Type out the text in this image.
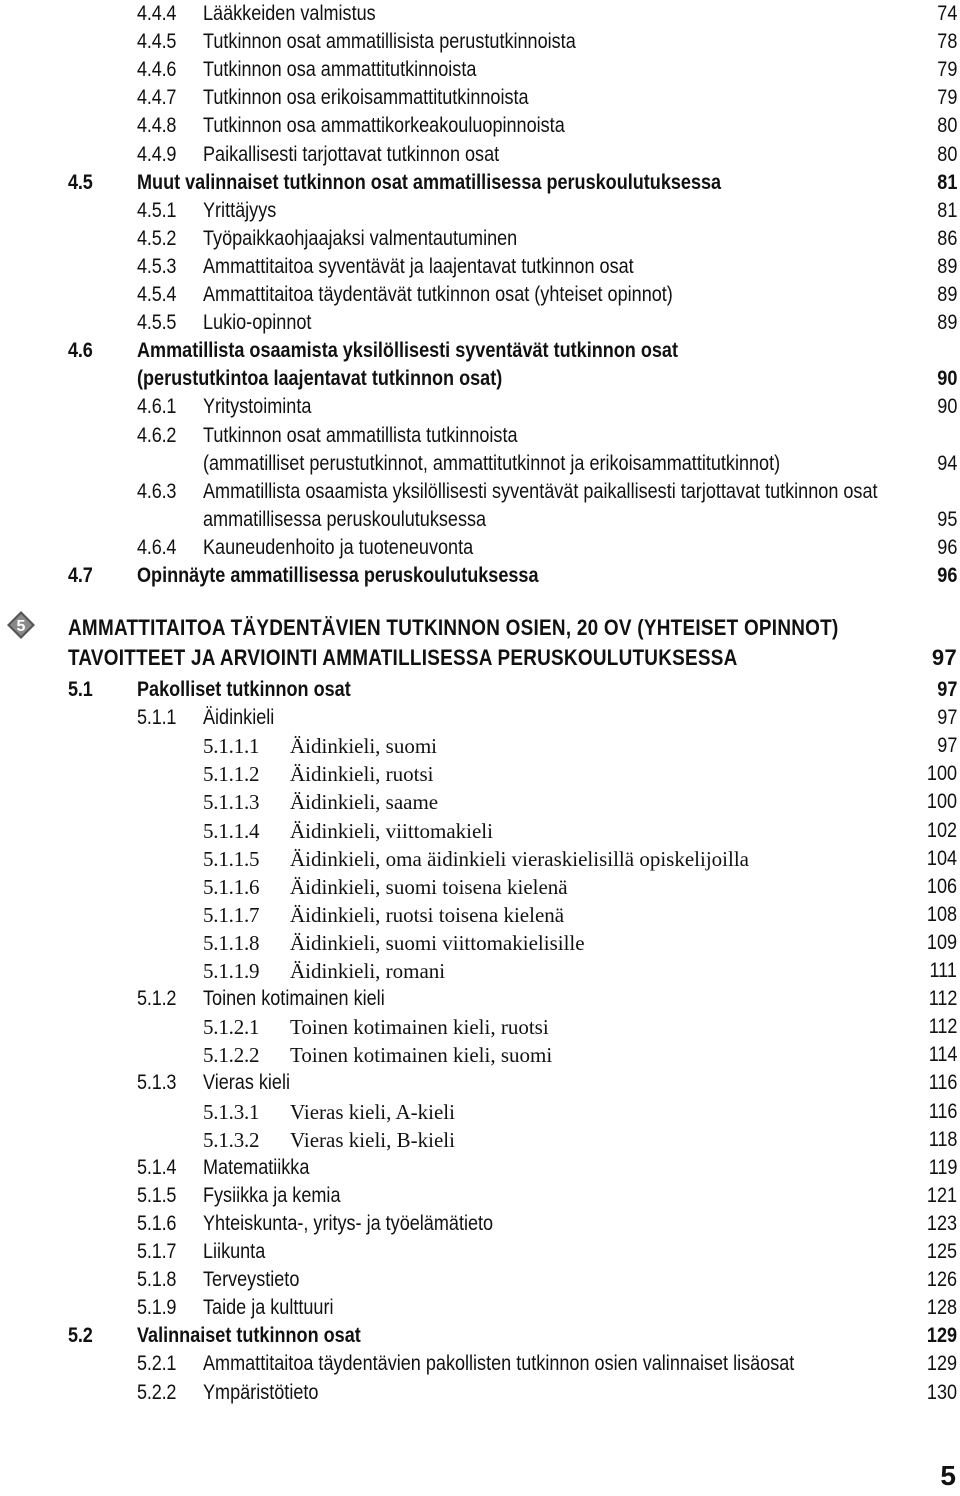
4.4.4 Lääkkeiden valmistus	74
4.4.5 Tutkinnon osat ammatillisista perustutkinnoista	78
4.4.6 Tutkinnon osa ammattitutkinnoista	79
4.4.7 Tutkinnon osa erikoisammattitutkinnoista	79
4.4.8 Tutkinnon osa ammattikorkeakouluopinnoista	80
4.4.9 Paikallisesti tarjottavat tutkinnon osat	80
4.5 Muut valinnaiset tutkinnon osat ammatillisessa peruskoulutuksessa	81
4.5.1 Yrittäjyys	81
4.5.2 Työpaikkaohjaajaksi valmentautuminen	86
4.5.3 Ammattitaitoa syventävät ja laajentavat tutkinnon osat	89
4.5.4 Ammattitaitoa täydentävät tutkinnon osat (yhteiset opinnot)	89
4.5.5 Lukio-opinnot	89
4.6 Ammatillista osaamista yksilöllisesti syventävät tutkinnon osat
(perustutkintoa laajentavat tutkinnon osat)	90
4.6.1 Yritystoiminta	90
4.6.2 Tutkinnon osat ammatillista tutkinnoista
(ammatilliset perustutkinnot, ammattitutkinnot ja erikoisammattitutkinnot)	94
4.6.3 Ammatillista osaamista yksilöllisesti syventävät paikallisesti tarjottavat tutkinnon osat
ammatillisessa peruskoulutuksessa	95
4.6.4 Kauneudenhoito ja tuoteneuvonta	96
4.7 Opinnäyte ammatillisessa peruskoulutuksessa	96
5 AMMATTITAITOA TÄYDENTÄVIEN TUTKINNON OSIEN, 20 OV (YHTEISET OPINNOT)
TAVOITTEET JA ARVIOINTI AMMATILLISESSA PERUSKOULUTUKSESSA	97
5.1 Pakolliset tutkinnon osat	97
5.1.1 Äidinkieli	97
5.1.1.1 Äidinkieli, suomi	97
5.1.1.2 Äidinkieli, ruotsi	100
5.1.1.3 Äidinkieli, saame	100
5.1.1.4 Äidinkieli, viittomakieli	102
5.1.1.5 Äidinkieli, oma äidinkieli vieraskielisillä opiskelijoilla	104
5.1.1.6 Äidinkieli, suomi toisena kielenä	106
5.1.1.7 Äidinkieli, ruotsi toisena kielenä	108
5.1.1.8 Äidinkieli, suomi viittomakielisille	109
5.1.1.9 Äidinkieli, romani	111
5.1.2 Toinen kotimainen kieli	112
5.1.2.1 Toinen kotimainen kieli, ruotsi	112
5.1.2.2 Toinen kotimainen kieli, suomi	114
5.1.3 Vieras kieli	116
5.1.3.1 Vieras kieli, A-kieli	116
5.1.3.2 Vieras kieli, B-kieli	118
5.1.4 Matematiikka	119
5.1.5 Fysiikka ja kemia	121
5.1.6 Yhteiskunta-, yritys- ja työelämätieto	123
5.1.7 Liikunta	125
5.1.8 Terveystieto	126
5.1.9 Taide ja kulttuuri	128
5.2 Valinnaiset tutkinnon osat	129
5.2.1 Ammattitaitoa täydentävien pakollisten tutkinnon osien valinnaiset lisäosat	129
5.2.2 Ympäristötieto	130
5
